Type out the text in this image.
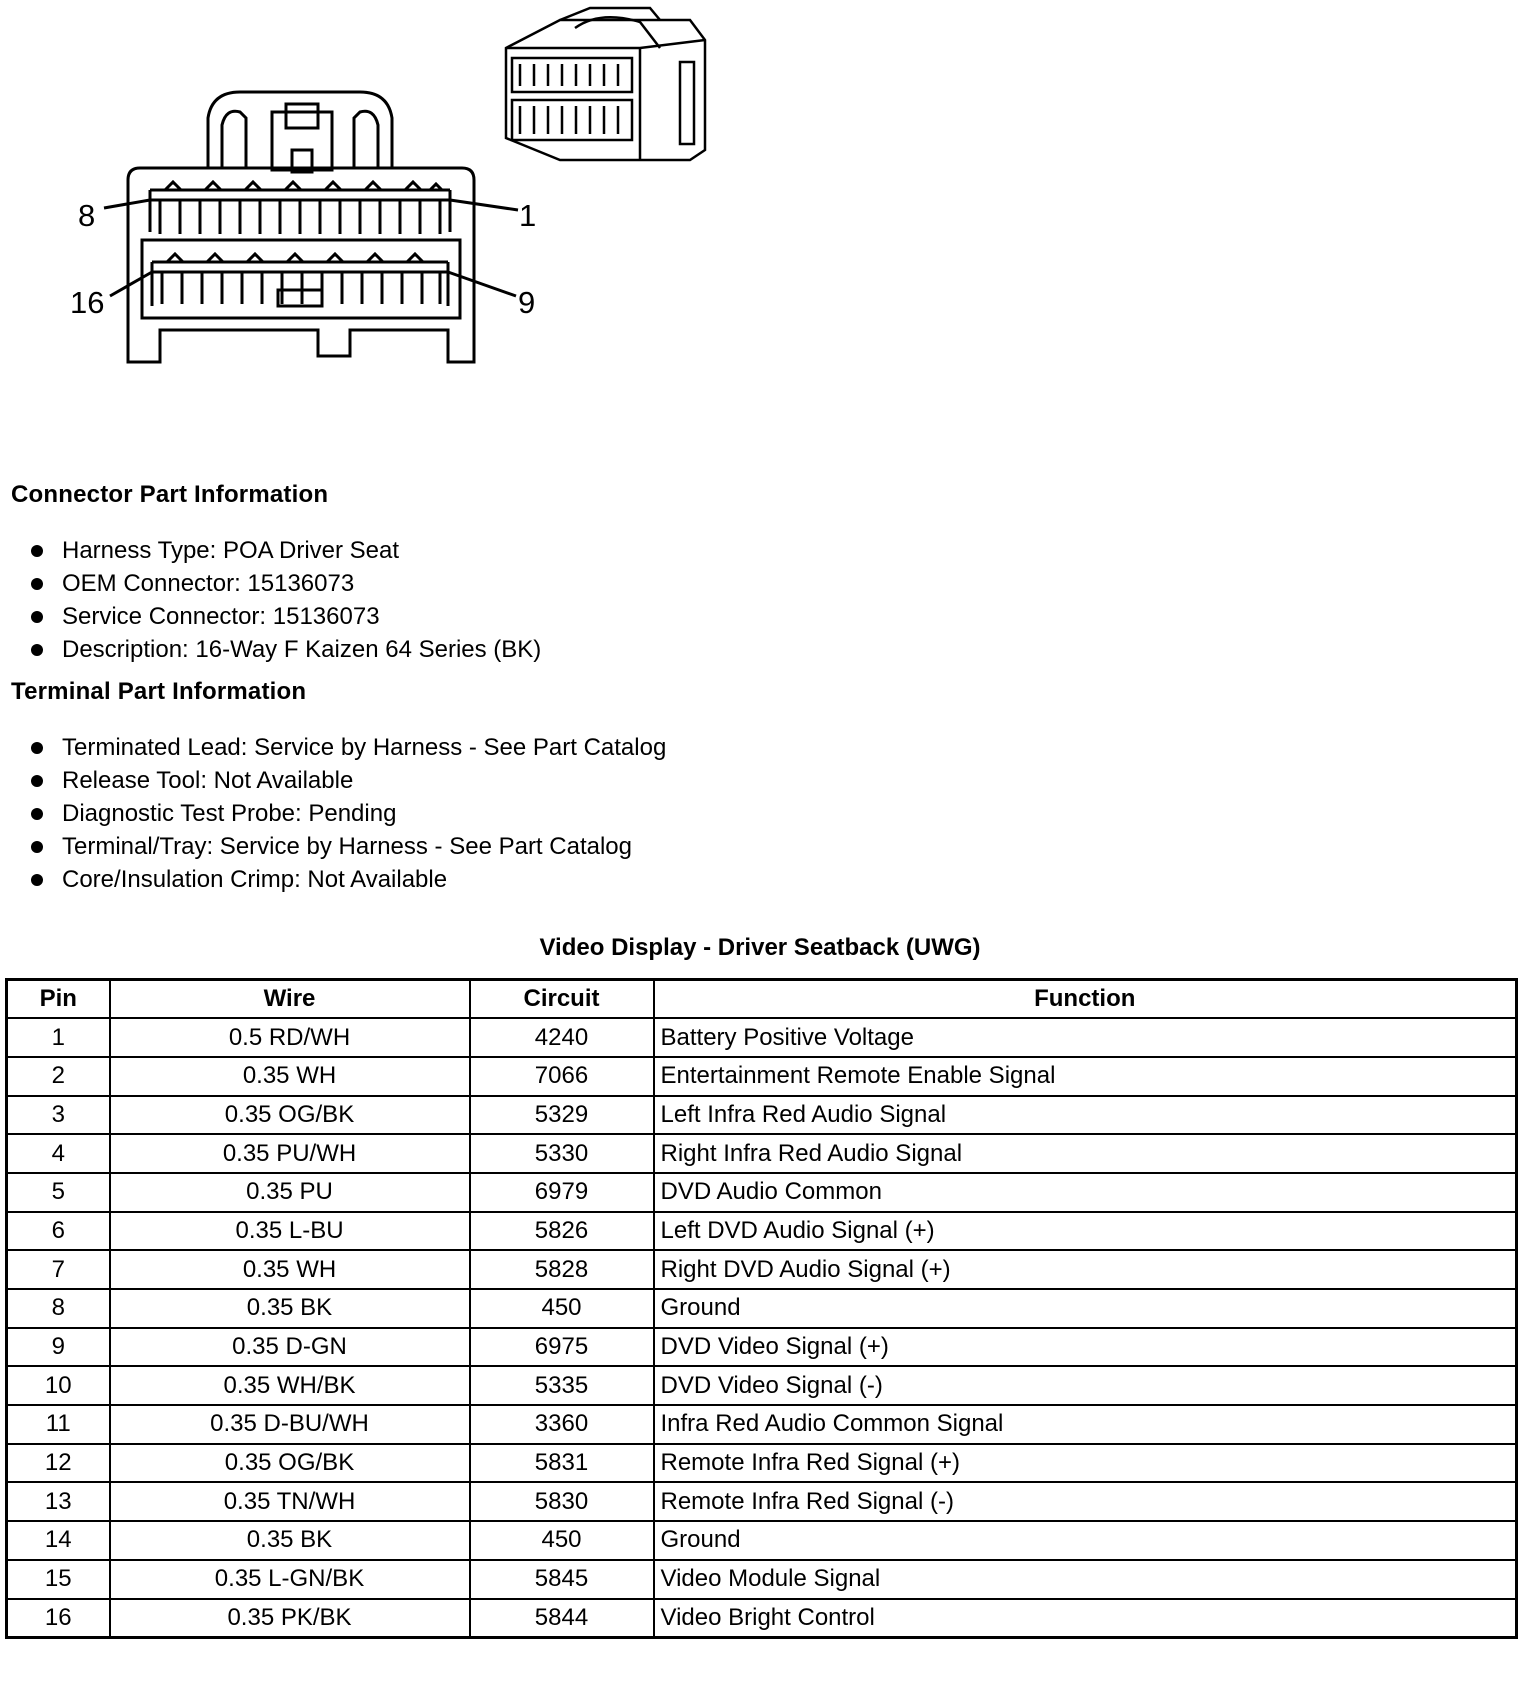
8	1
16	9
Connector Part Information
Harness Type: POA Driver Seat
OEM Connector: 15136073
Service Connector: 15136073
Description: 16-Way F Kaizen 64 Series (BK)
Terminal Part Information
Terminated Lead: Service by Harness - See Part Catalog
Release Tool: Not Available
Diagnostic Test Probe: Pending
Terminal/Tray: Service by Harness - See Part Catalog
Core/Insulation Crimp: Not Available
Video Display - Driver Seatback (UWG)
Pin	Wire	Circuit	Function
1	0.5 RD/WH	4240	Battery Positive Voltage
2	0.35 WH	7066	Entertainment Remote Enable Signal
3	0.35 OG/BK	5329	Left Infra Red Audio Signal
4	0.35 PU/WH	5330	Right Infra Red Audio Signal
5	0.35 PU	6979	DVD Audio Common
6	0.35 L-BU	5826	Left DVD Audio Signal (+)
7	0.35 WH	5828	Right DVD Audio Signal (+)
8	0.35 BK	450	Ground
9	0.35 D-GN	6975	DVD Video Signal (+)
10	0.35 WH/BK	5335	DVD Video Signal (-)
11	0.35 D-BU/WH	3360	Infra Red Audio Common Signal
12	0.35 OG/BK	5831	Remote Infra Red Signal (+)
13	0.35 TN/WH	5830	Remote Infra Red Signal (-)
14	0.35 BK	450	Ground
15	0.35 L-GN/BK	5845	Video Module Signal
16	0.35 PK/BK	5844	Video Bright Control
